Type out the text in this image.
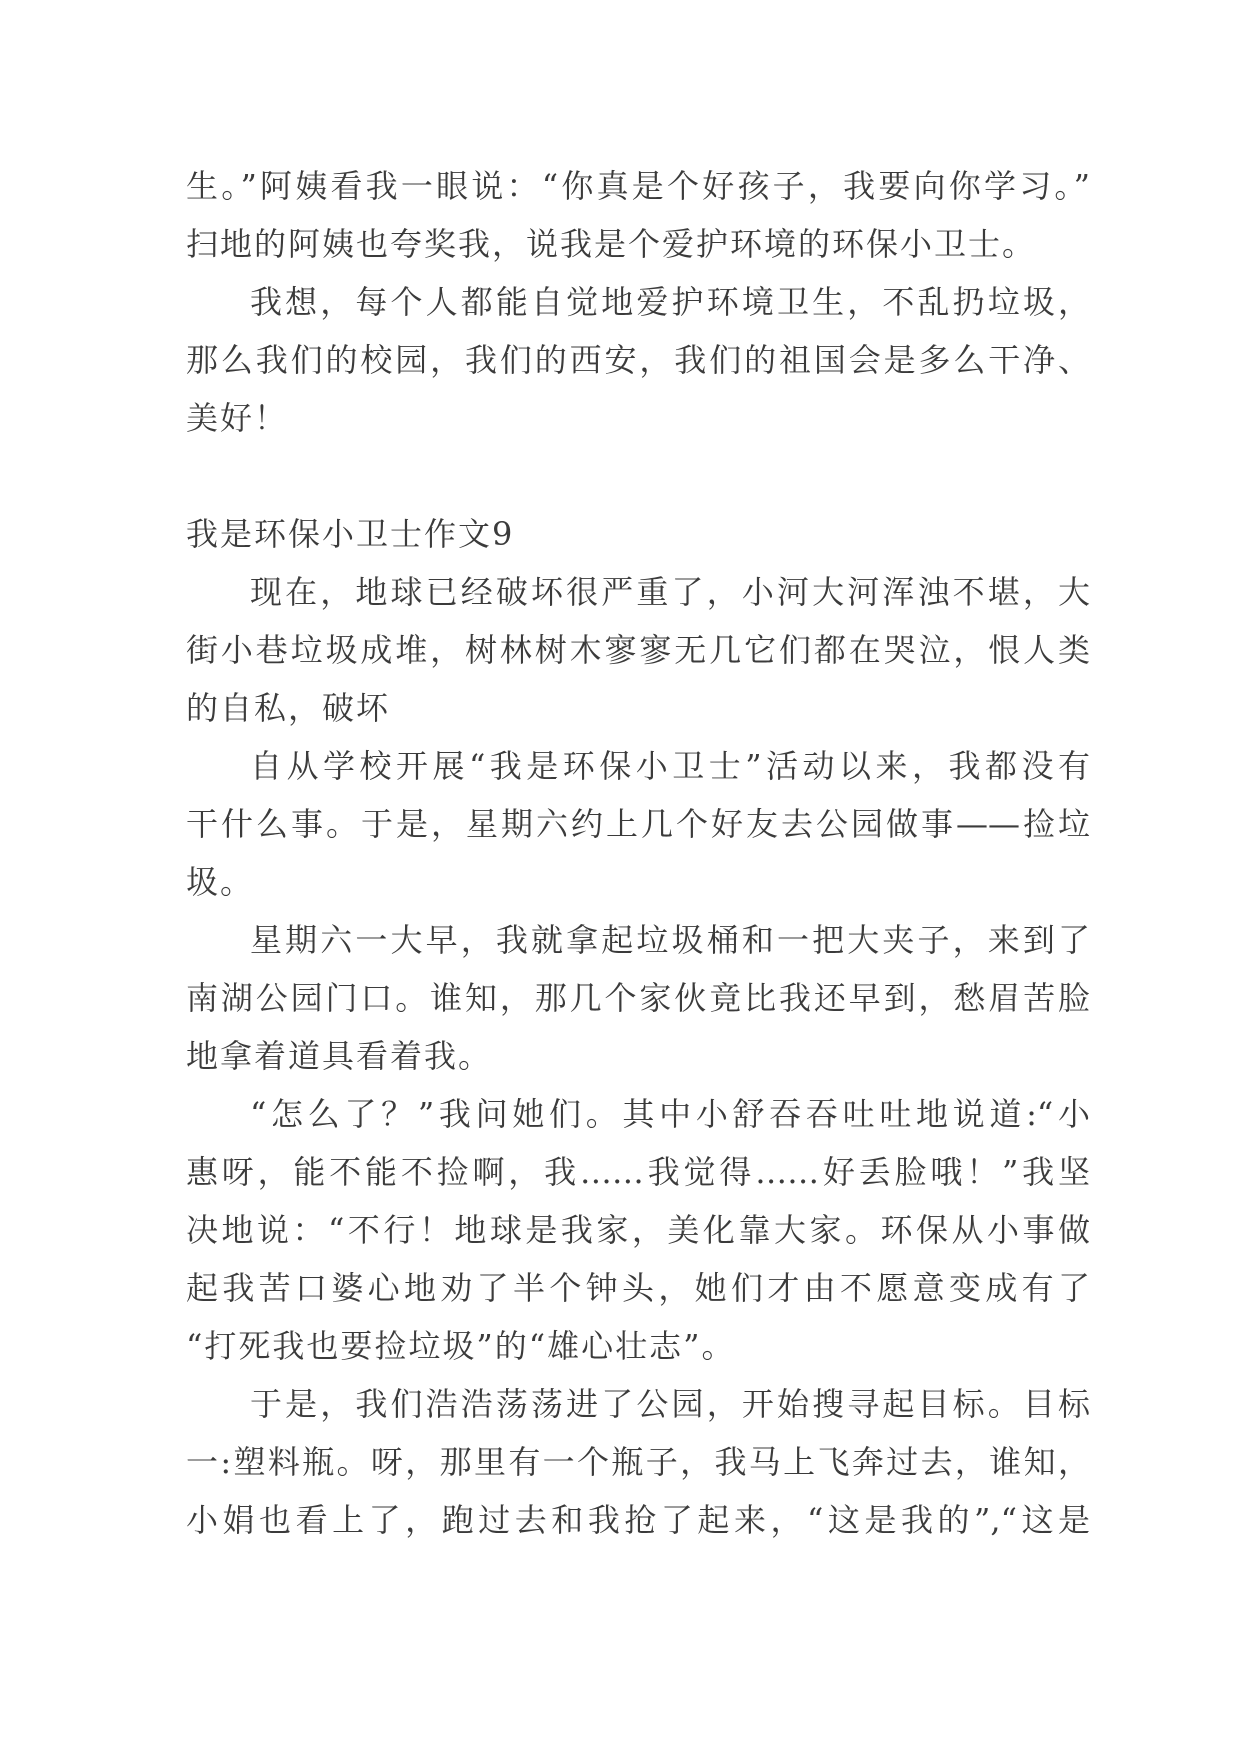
生。”阿姨看我一眼说：“你真是个好孩子，我要向你学习。”
扫地的阿姨也夸奖我，说我是个爱护环境的环保小卫士。
我想，每个人都能自觉地爱护环境卫生，不乱扔垃圾，
那么我们的校园，我们的西安，我们的祖国会是多么干净、
美好！
我是环保小卫士作文9
现在，地球已经破坏很严重了，小河大河浑浊不堪，大
街小巷垃圾成堆，树林树木寥寥无几它们都在哭泣，恨人类
的自私，破坏
自从学校开展“我是环保小卫士”活动以来，我都没有
干什么事。于是，星期六约上几个好友去公园做事——捡垃
圾。
星期六一大早，我就拿起垃圾桶和一把大夹子，来到了
南湖公园门口。谁知，那几个家伙竟比我还早到，愁眉苦脸
地拿着道具看着我。
“怎么了？”我问她们。其中小舒吞吞吐吐地说道:“小
惠呀，能不能不捡啊，我……我觉得……好丢脸哦！”我坚
决地说：“不行！地球是我家，美化靠大家。环保从小事做
起我苦口婆心地劝了半个钟头，她们才由不愿意变成有了
“打死我也要捡垃圾”的“雄心壮志”。
于是，我们浩浩荡荡进了公园，开始搜寻起目标。目标
一:塑料瓶。呀，那里有一个瓶子，我马上飞奔过去，谁知，
小娟也看上了，跑过去和我抢了起来，“这是我的”,“这是
